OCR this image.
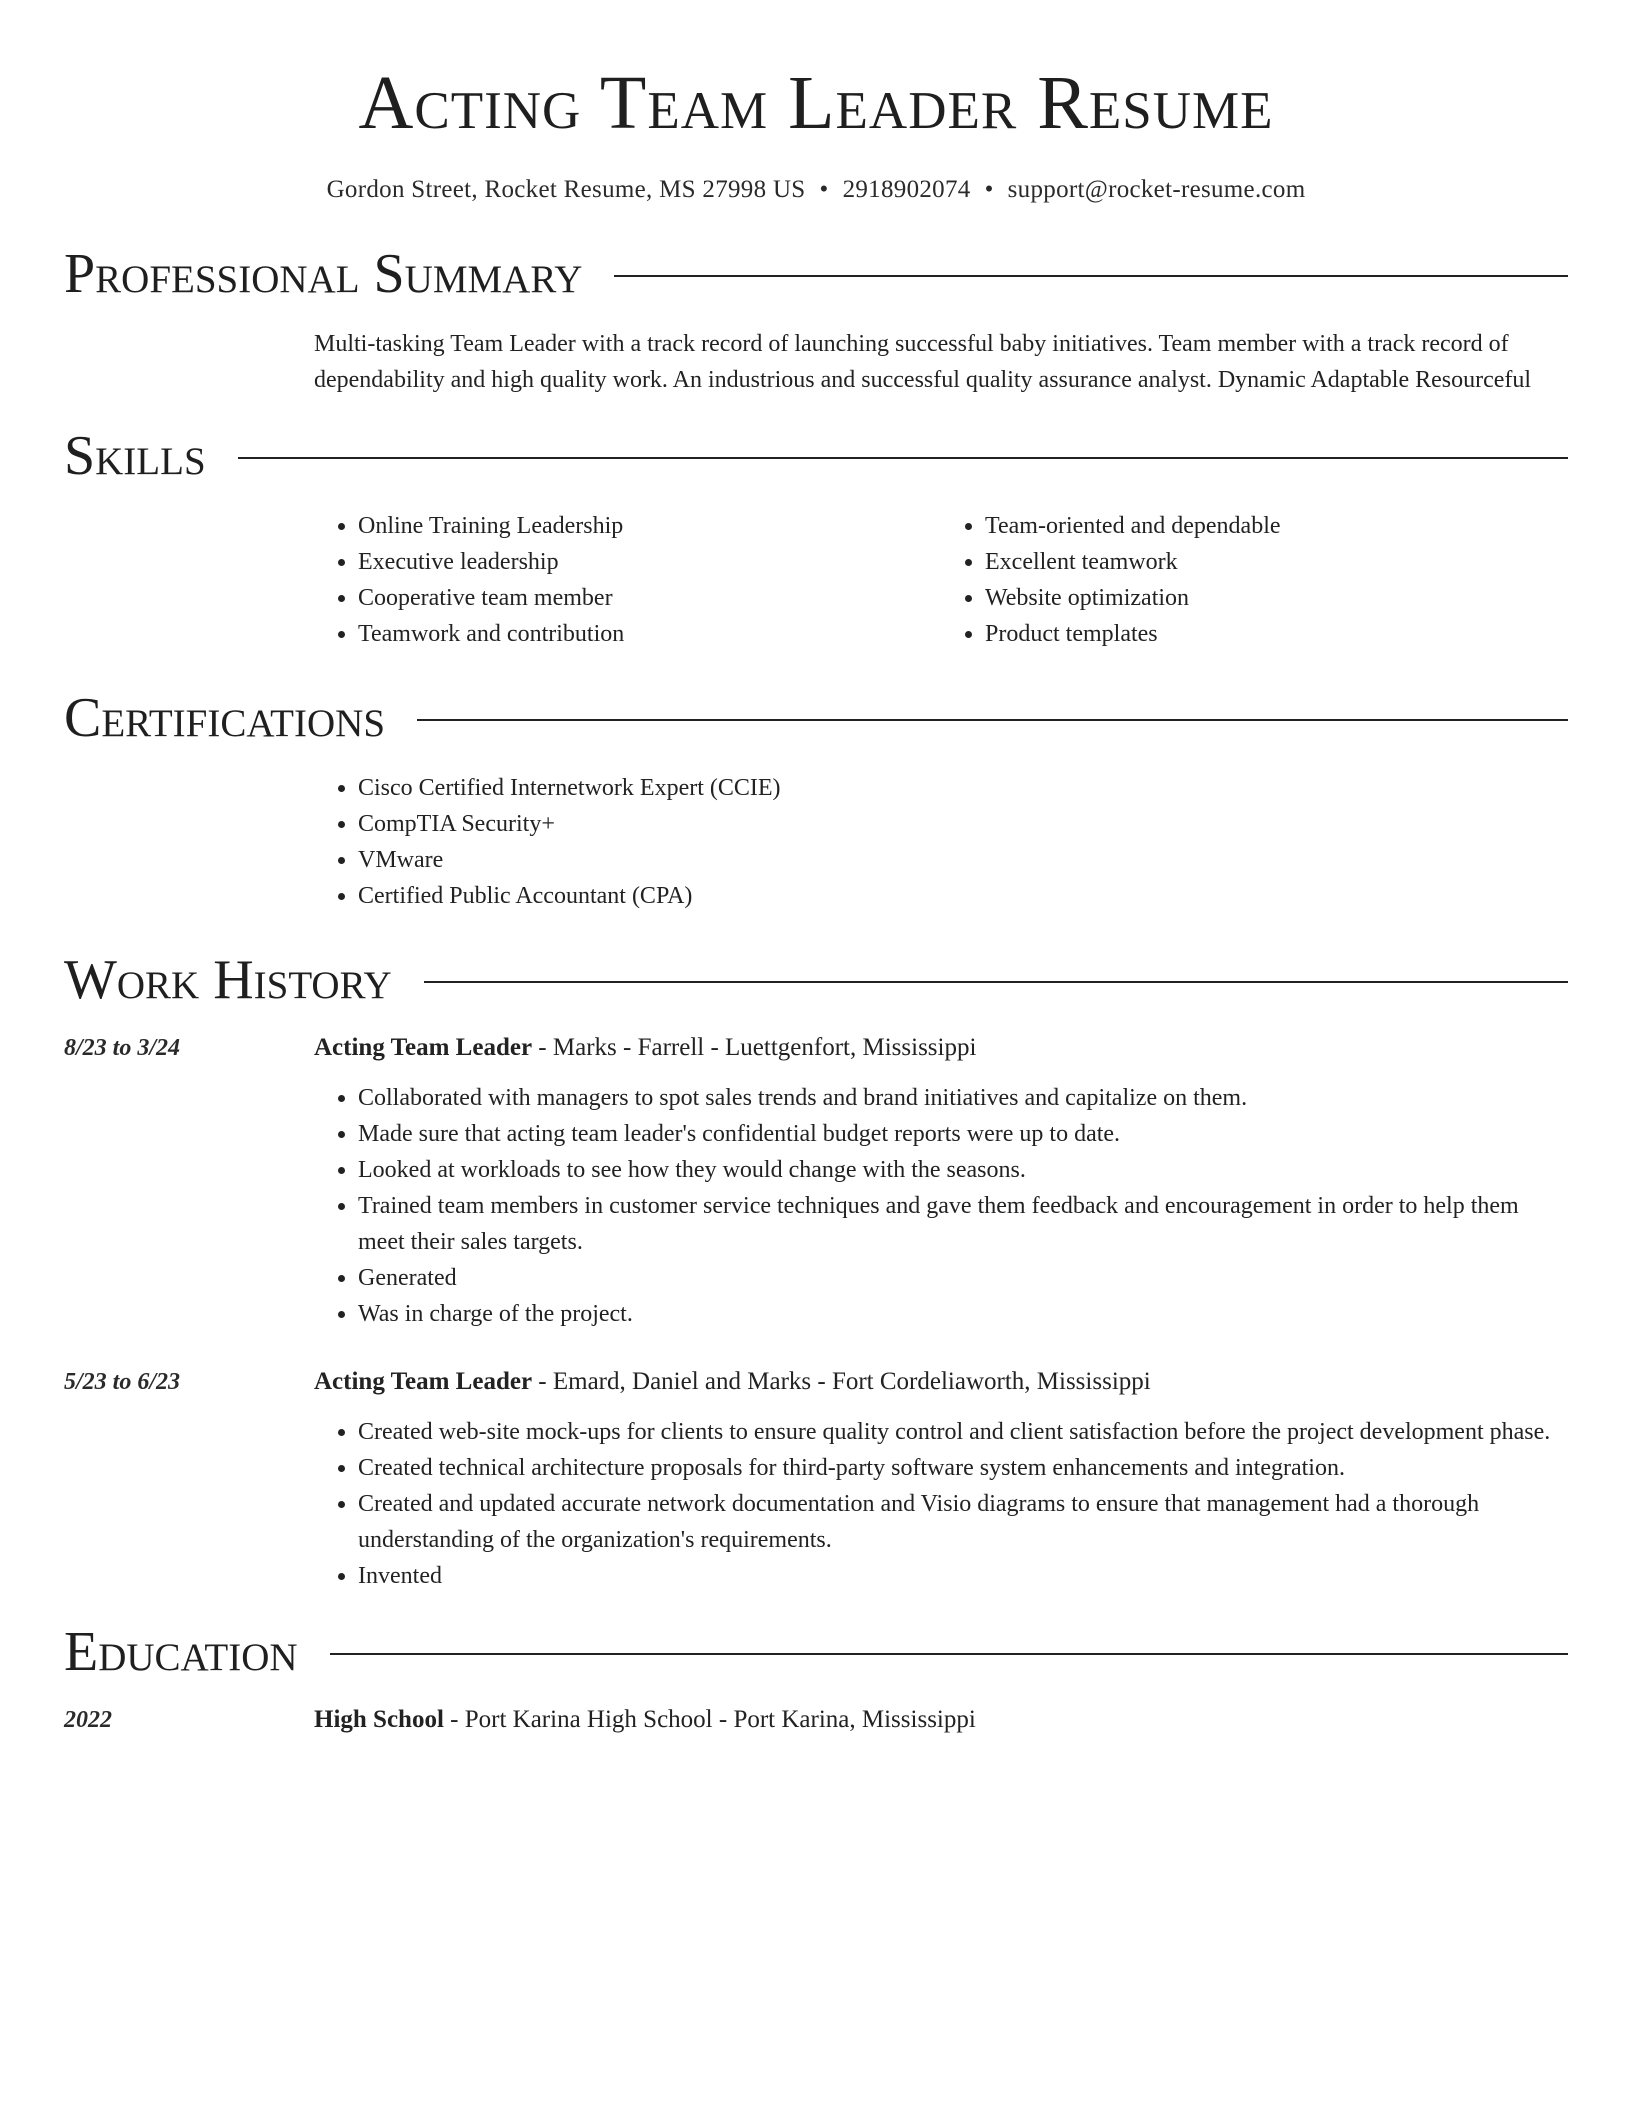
Acting Team Leader Resume
Gordon Street, Rocket Resume, MS 27998 US • 2918902074 • support@rocket-resume.com
Professional Summary
Multi-tasking Team Leader with a track record of launching successful baby initiatives. Team member with a track record of dependability and high quality work. An industrious and successful quality assurance analyst. Dynamic Adaptable Resourceful
Skills
• Online Training Leadership
• Executive leadership
• Cooperative team member
• Teamwork and contribution
• Team-oriented and dependable
• Excellent teamwork
• Website optimization
• Product templates
Certifications
• Cisco Certified Internetwork Expert (CCIE)
• CompTIA Security+
• VMware
• Certified Public Accountant (CPA)
Work History
8/23 to 3/24	Acting Team Leader - Marks - Farrell - Luettgenfort, Mississippi
• Collaborated with managers to spot sales trends and brand initiatives and capitalize on them.
• Made sure that acting team leader's confidential budget reports were up to date.
• Looked at workloads to see how they would change with the seasons.
• Trained team members in customer service techniques and gave them feedback and encouragement in order to help them meet their sales targets.
• Generated
• Was in charge of the project.
5/23 to 6/23	Acting Team Leader - Emard, Daniel and Marks - Fort Cordeliaworth, Mississippi
• Created web-site mock-ups for clients to ensure quality control and client satisfaction before the project development phase.
• Created technical architecture proposals for third-party software system enhancements and integration.
• Created and updated accurate network documentation and Visio diagrams to ensure that management had a thorough understanding of the organization's requirements.
• Invented
Education
2022	High School - Port Karina High School - Port Karina, Mississippi
